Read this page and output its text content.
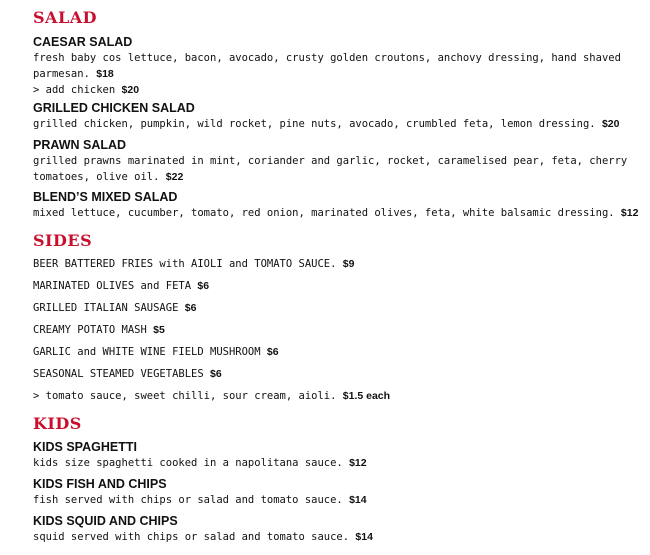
SALAD
CAESAR SALAD
fresh baby cos lettuce, bacon, avocado, crusty golden croutons, anchovy dressing, hand shaved
parmesan. $18
> add chicken $20
GRILLED CHICKEN SALAD
grilled chicken, pumpkin, wild rocket, pine nuts, avocado, crumbled feta, lemon dressing. $20
PRAWN SALAD
grilled prawns marinated in mint, coriander and garlic, rocket, caramelised pear, feta, cherry
tomatoes, olive oil. $22
BLEND’S MIXED SALAD
mixed lettuce, cucumber, tomato, red onion, marinated olives, feta, white balsamic dressing. $12
SIDES
BEER BATTERED FRIES with AIOLI and TOMATO SAUCE. $9
MARINATED OLIVES and FETA $6
GRILLED ITALIAN SAUSAGE $6
CREAMY POTATO MASH $5
GARLIC and WHITE WINE FIELD MUSHROOM $6
SEASONAL STEAMED VEGETABLES $6
> tomato sauce, sweet chilli, sour cream, aioli. $1.5 each
KIDS
KIDS SPAGHETTI
kids size spaghetti cooked in a napolitana sauce. $12
KIDS FISH AND CHIPS
fish served with chips or salad and tomato sauce. $14
KIDS SQUID AND CHIPS
squid served with chips or salad and tomato sauce. $14
